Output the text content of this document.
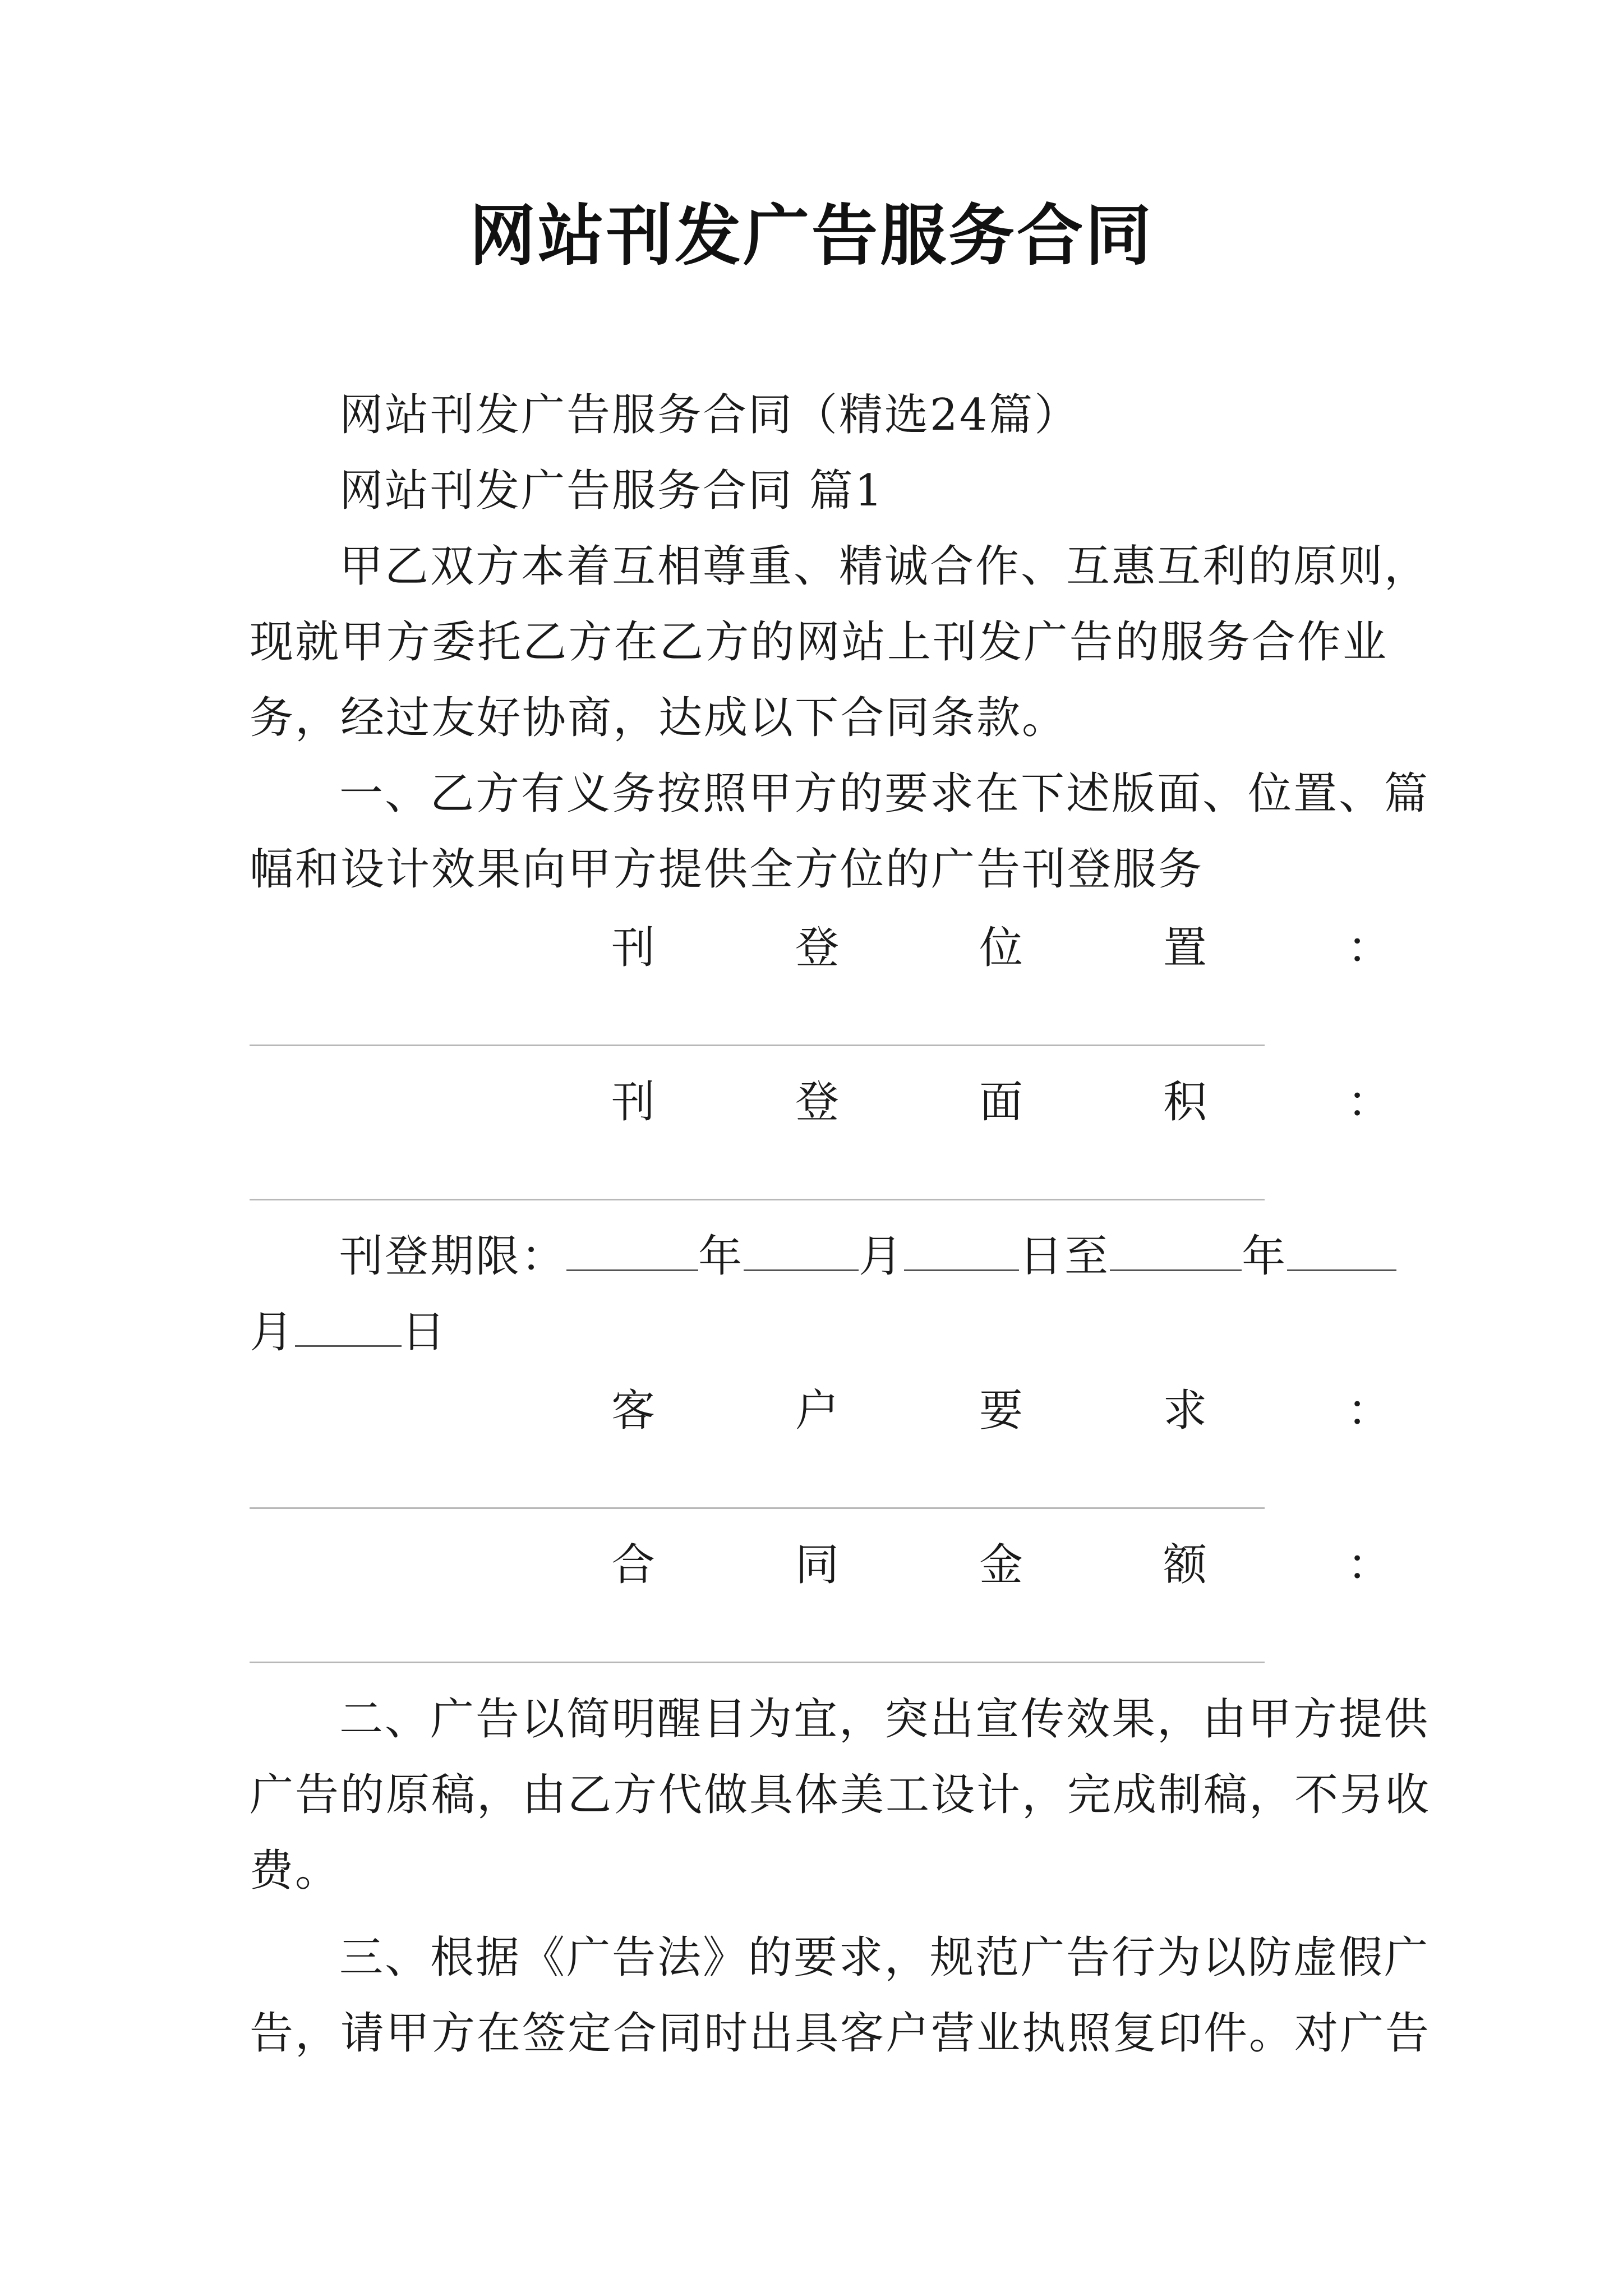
网站刊发广告服务合同
网站刊发广告服务合同（精选24篇）
网站刊发广告服务合同 篇1
甲乙双方本着互相尊重、精诚合作、互惠互利的原则，
现就甲方委托乙方在乙方的网站上刊发广告的服务合作业
务，经过友好协商，达成以下合同条款。
一、乙方有义务按照甲方的要求在下述版面、位置、篇
幅和设计效果向甲方提供全方位的广告刊登服务
刊	登	位	置	：
刊	登	面	积	：
刊登期限：	年	月	日至	年
月 日
客	户	要	求	：
合	同	金	额	：
二、广告以简明醒目为宜，突出宣传效果，由甲方提供
广告的原稿，由乙方代做具体美工设计，完成制稿，不另收
费。
三、根据《广告法》的要求，规范广告行为以防虚假广
告，请甲方在签定合同时出具客户营业执照复印件。对广告
